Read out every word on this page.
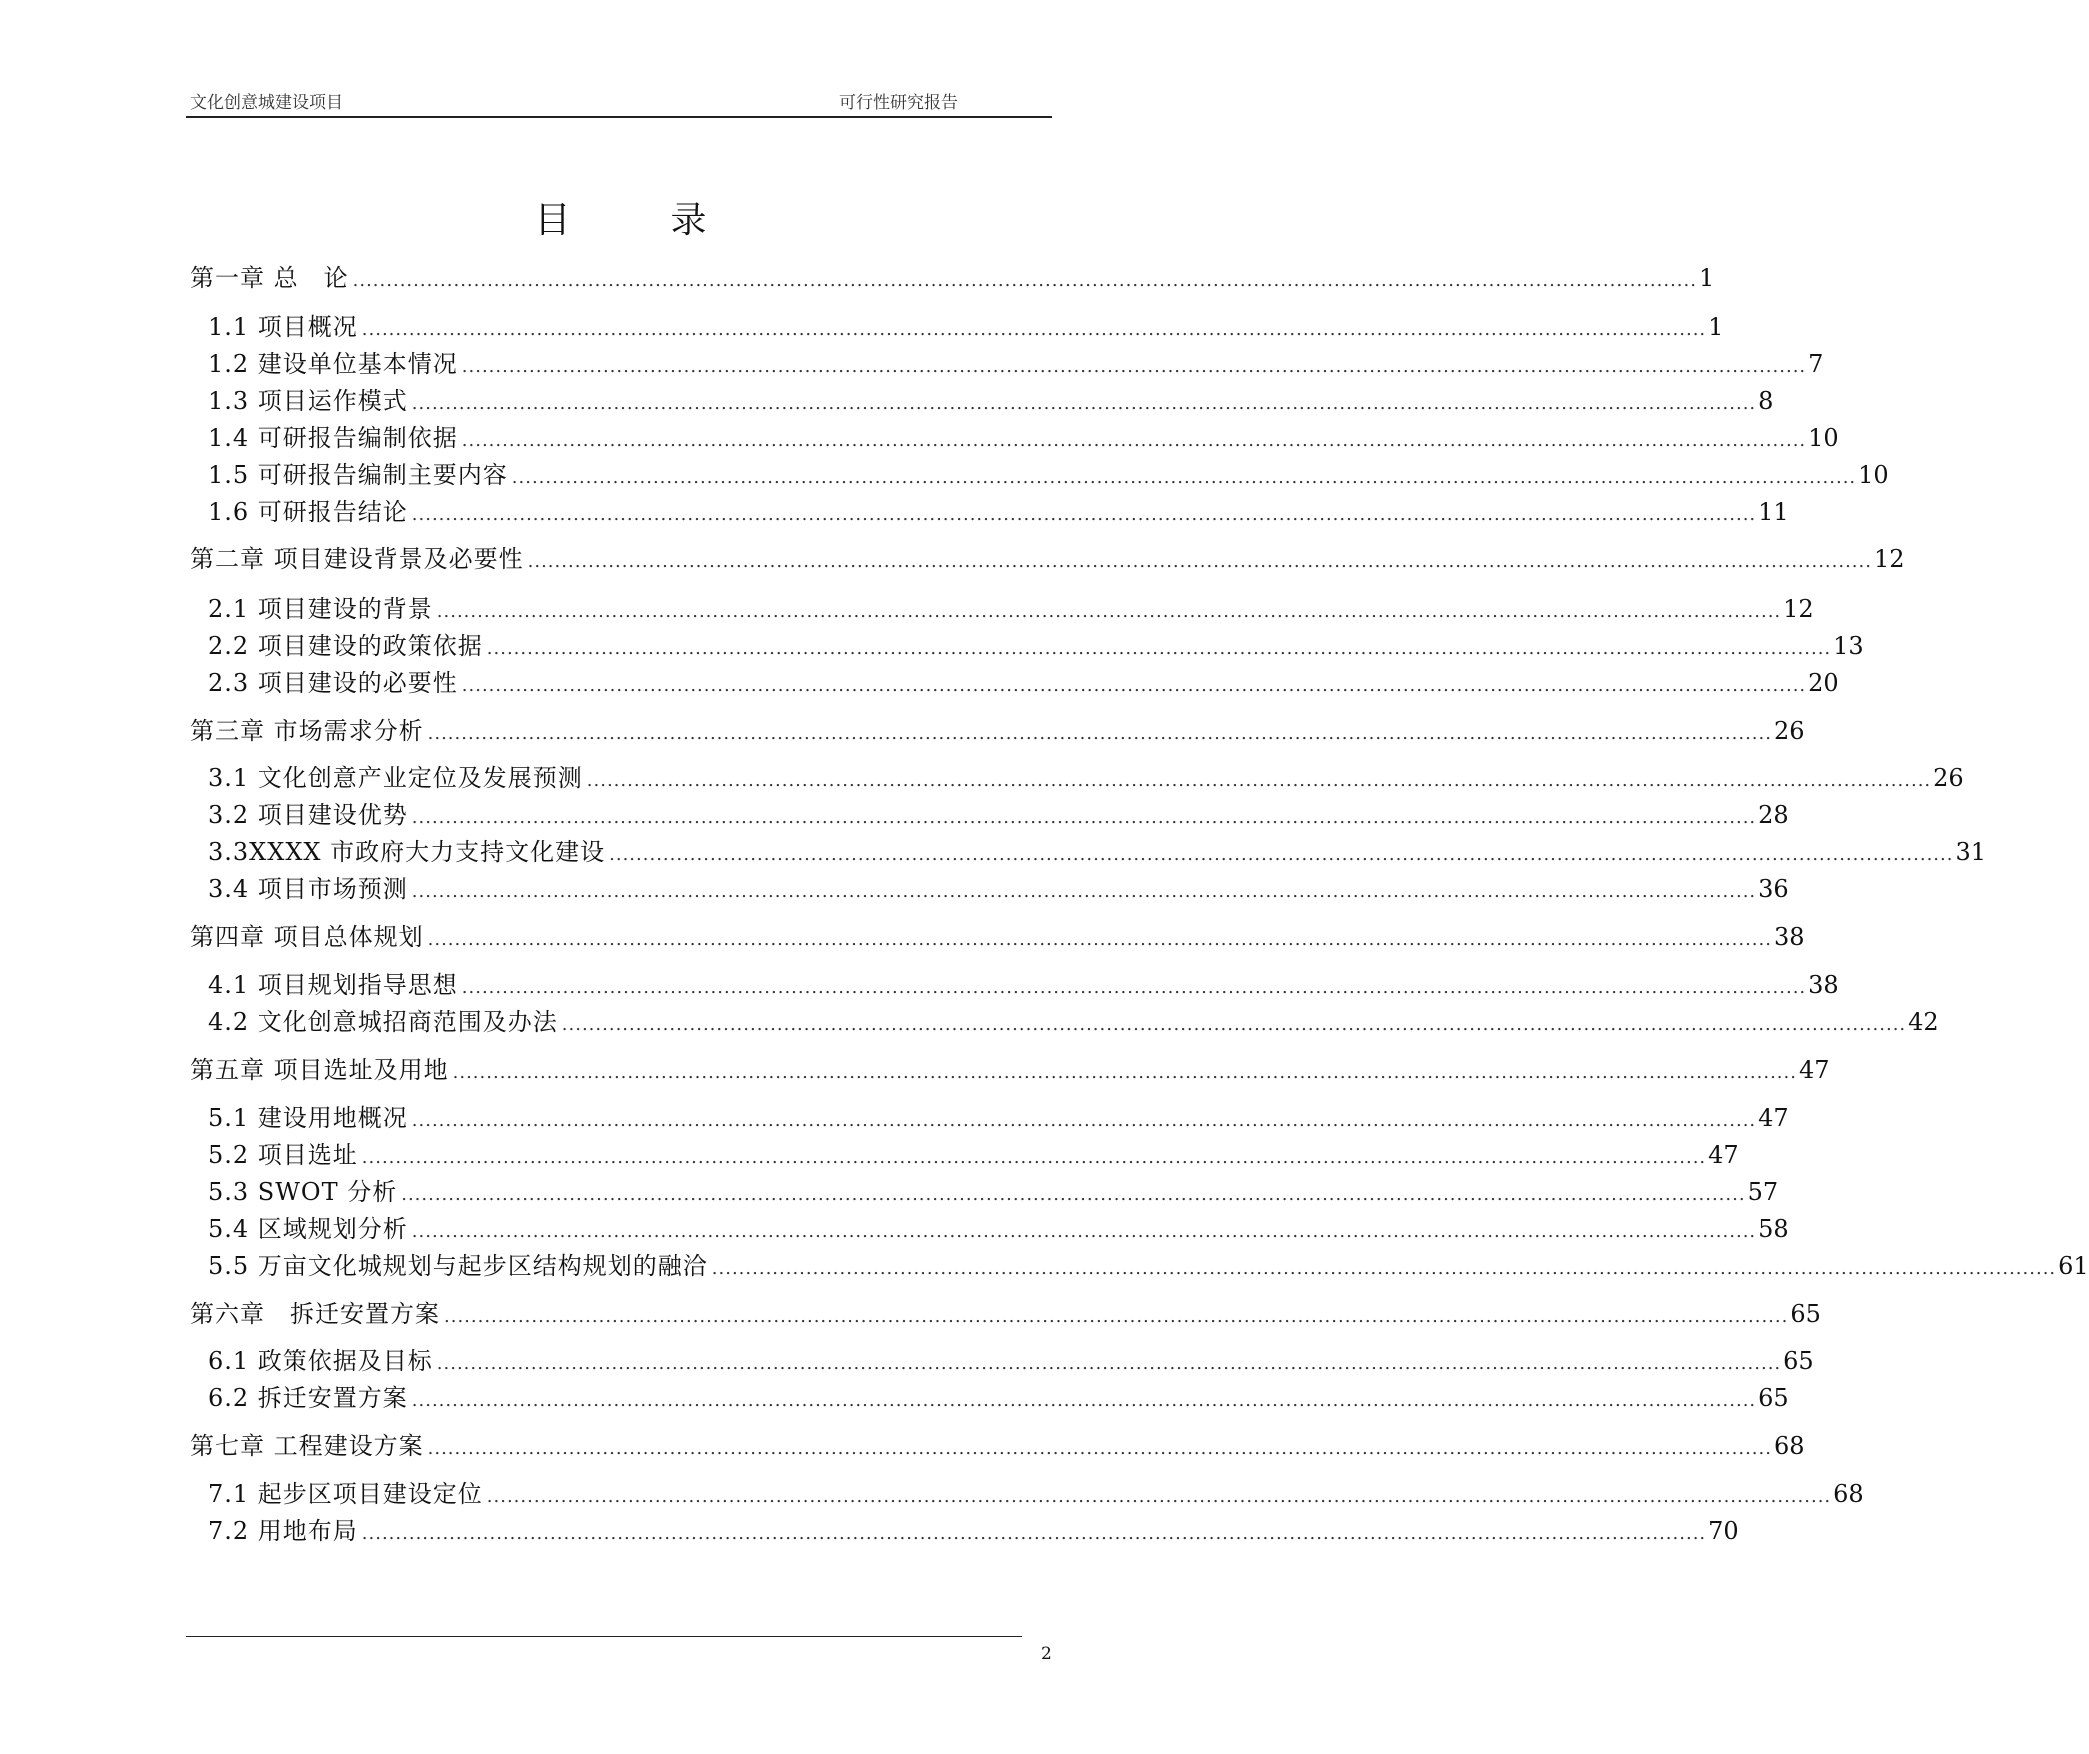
文化创意城建设项目	可行性研究报告
目录
第一章 总　论 ........................................................................................................................................................................................................ 1
1.1 项目概况 ........................................................................................................................................................................................................ 1
1.2 建设单位基本情况 ........................................................................................................................................................................................................ 7
1.3 项目运作模式 ........................................................................................................................................................................................................ 8
1.4 可研报告编制依据 ........................................................................................................................................................................................................ 10
1.5 可研报告编制主要内容 ........................................................................................................................................................................................................ 10
1.6 可研报告结论 ........................................................................................................................................................................................................ 11
第二章 项目建设背景及必要性 ........................................................................................................................................................................................................ 12
2.1 项目建设的背景 ........................................................................................................................................................................................................ 12
2.2 项目建设的政策依据 ........................................................................................................................................................................................................ 13
2.3 项目建设的必要性 ........................................................................................................................................................................................................ 20
第三章 市场需求分析 ........................................................................................................................................................................................................ 26
3.1 文化创意产业定位及发展预测 ........................................................................................................................................................................................................ 26
3.2 项目建设优势 ........................................................................................................................................................................................................ 28
3.3XXXX 市政府大力支持文化建设 ........................................................................................................................................................................................................ 31
3.4 项目市场预测 ........................................................................................................................................................................................................ 36
第四章 项目总体规划 ........................................................................................................................................................................................................ 38
4.1 项目规划指导思想 ........................................................................................................................................................................................................ 38
4.2 文化创意城招商范围及办法 ........................................................................................................................................................................................................ 42
第五章 项目选址及用地 ........................................................................................................................................................................................................ 47
5.1 建设用地概况 ........................................................................................................................................................................................................ 47
5.2 项目选址 ........................................................................................................................................................................................................ 47
5.3 SWOT 分析 ........................................................................................................................................................................................................ 57
5.4 区域规划分析 ........................................................................................................................................................................................................ 58
5.5 万亩文化城规划与起步区结构规划的融洽 ........................................................................................................................................................................................................ 61
第六章　拆迁安置方案 ........................................................................................................................................................................................................ 65
6.1 政策依据及目标 ........................................................................................................................................................................................................ 65
6.2 拆迁安置方案 ........................................................................................................................................................................................................ 65
第七章 工程建设方案 ........................................................................................................................................................................................................ 68
7.1 起步区项目建设定位 ........................................................................................................................................................................................................ 68
7.2 用地布局 ........................................................................................................................................................................................................ 70
2
